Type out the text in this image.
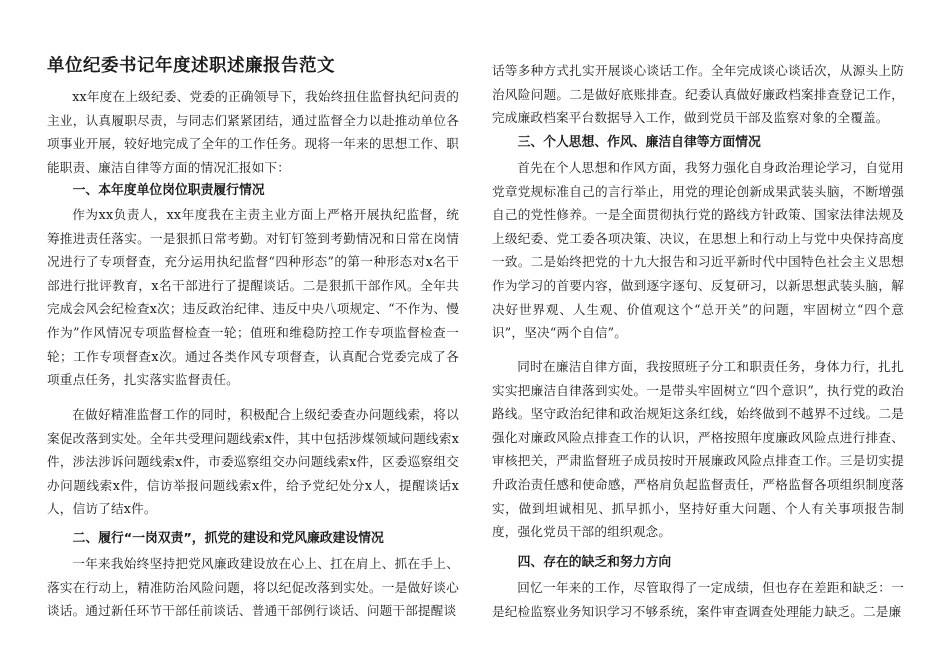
单位纪委书记年度述职述廉报告范文

xx年度在上级纪委、党委的正确领导下，我始终扭住监督执纪问责的主业，认真履职尽责，与同志们紧紧团结，通过监督全力以赴推动单位各项事业开展，较好地完成了全年的工作任务。现将一年来的思想工作、职能职责、廉洁自律等方面的情况汇报如下：

一、本年度单位岗位职责履行情况

作为xx负责人，xx年度我在主责主业方面上严格开展执纪监督，统筹推进责任落实。一是狠抓日常考勤。对钉钉签到考勤情况和日常在岗情况进行了专项督查，充分运用执纪监督“四种形态”的第一种形态对x名干部进行批评教育，x名干部进行了提醒谈话。二是狠抓干部作风。全年共完成会风会纪检查x次；违反政治纪律、违反中央八项规定、“不作为、慢作为”作风情况专项监督检查一轮；值班和维稳防控工作专项监督检查一轮；工作专项督查x次。通过各类作风专项督查，认真配合党委完成了各项重点任务，扎实落实监督责任。

在做好精准监督工作的同时，积极配合上级纪委查办问题线索，将以案促改落到实处。全年共受理问题线索x件，其中包括涉煤领域问题线索x件，涉法涉诉问题线索x件，市委巡察组交办问题线索x件，区委巡察组交办问题线索x件，信访举报问题线索x件，给予党纪处分x人，提醒谈话x人，信访了结x件。

二、履行“一岗双责”，抓党的建设和党风廉政建设情况

一年来我始终坚持把党风廉政建设放在心上、扛在肩上、抓在手上、落实在行动上，精准防治风险问题，将以纪促改落到实处。一是做好谈心谈话。通过新任环节干部任前谈话、普通干部例行谈话、问题干部提醒谈

话等多种方式扎实开展谈心谈话工作。全年完成谈心谈话次，从源头上防治风险问题。二是做好底账排查。纪委认真做好廉政档案排查登记工作，完成廉政档案平台数据导入工作，做到党员干部及监察对象的全覆盖。

三、个人思想、作风、廉洁自律等方面情况

首先在个人思想和作风方面，我努力强化自身政治理论学习，自觉用党章党规标准自己的言行举止，用党的理论创新成果武装头脑，不断增强自己的党性修养。一是全面贯彻执行党的路线方针政策、国家法律法规及上级纪委、党工委各项决策、决议，在思想上和行动上与党中央保持高度一致。二是始终把党的十九大报告和习近平新时代中国特色社会主义思想作为学习的首要内容，做到逐字逐句、反复研习，以新思想武装头脑，解决好世界观、人生观、价值观这个“总开关”的问题，牢固树立“四个意识”，坚决“两个自信”。

同时在廉洁自律方面，我按照班子分工和职责任务，身体力行，扎扎实实把廉洁自律落到实处。一是带头牢固树立“四个意识”，执行党的政治路线。坚守政治纪律和政治规矩这条红线，始终做到不越界不过线。二是强化对廉政风险点排查工作的认识，严格按照年度廉政风险点进行排查、审核把关，严肃监督班子成员按时开展廉政风险点排查工作。三是切实提升政治责任感和使命感，严格肩负起监督责任，严格监督各项组织制度落实，做到坦诚相见、抓早抓小，坚持好重大问题、个人有关事项报告制度，强化党员干部的组织观念。

四、存在的缺乏和努力方向

回忆一年来的工作，尽管取得了一定成绩，但也存在差距和缺乏：一是纪检监察业务知识学习不够系统，案件审查调查处理能力缺乏。二是廉
